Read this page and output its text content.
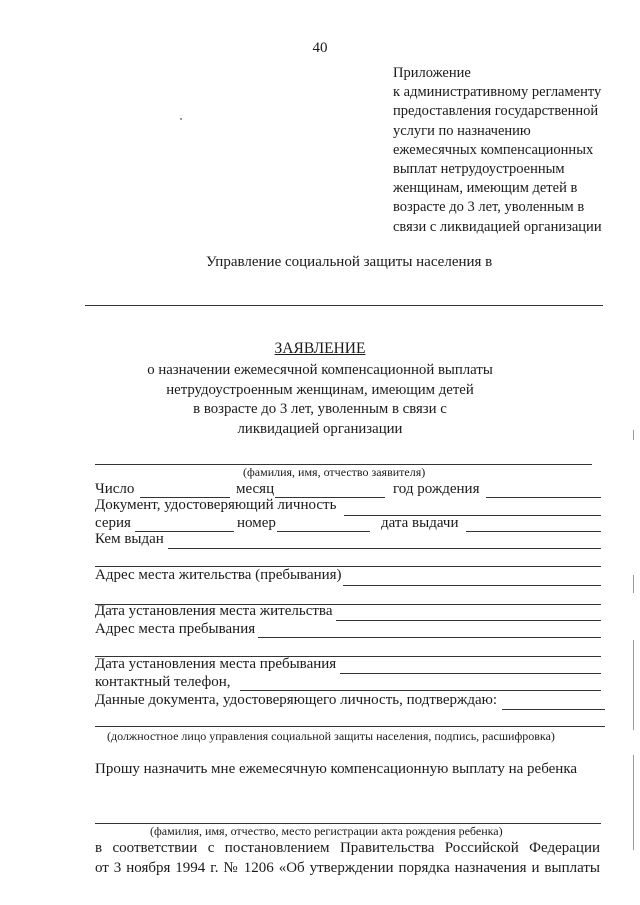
40
Приложение
к административному регламенту
предоставления государственной
услуги по назначению
ежемесячных компенсационных
выплат нетрудоустроенным
женщинам, имеющим детей в
возрасте до 3 лет, уволенным в
связи с ликвидацией организации
Управление социальной защиты населения в
ЗАЯВЛЕНИЕ
о назначении ежемесячной компенсационной выплаты
нетрудоустроенным женщинам, имеющим детей
в возрасте до 3 лет, уволенным в связи с
ликвидацией организации
(фамилия, имя, отчество заявителя)
Число	месяц	год рождения
Документ, удостоверяющий личность
серия	номер	дата выдачи
Кем выдан
Адрес места жительства (пребывания)
Дата установления места жительства
Адрес места пребывания
Дата установления места пребывания
контактный телефон,
Данные документа, удостоверяющего личность, подтверждаю:
(должностное лицо управления социальной защиты населения, подпись, расшифровка)
Прошу назначить мне ежемесячную компенсационную выплату на ребенка
(фамилия, имя, отчество, место регистрации акта рождения ребенка)
в соответствии с постановлением Правительства Российской Федерации
от 3 ноября 1994 г. № 1206 «Об утверждении порядка назначения и выплаты
